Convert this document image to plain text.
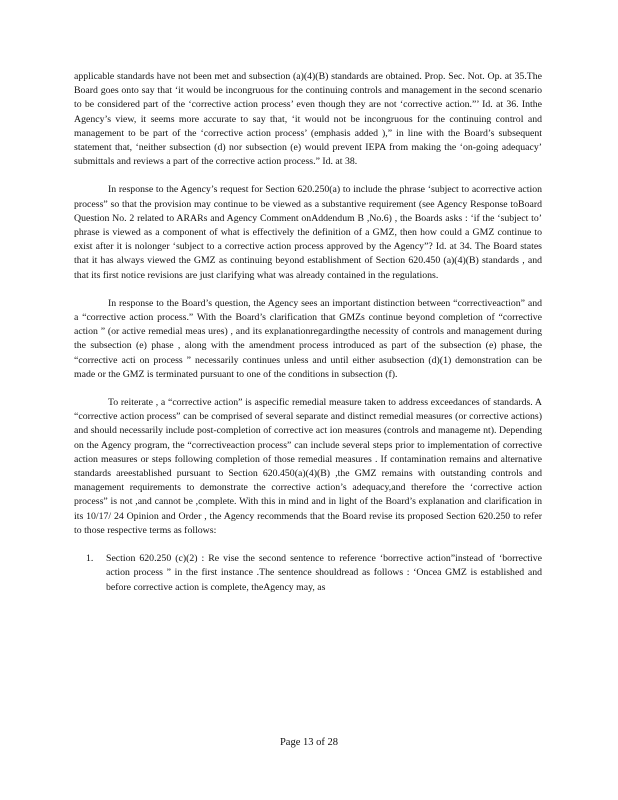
applicable standards have not been met and subsection (a)(4)(B) standards are obtained. Prop. Sec. Not. Op. at 35.The Board goes onto say that ‘it would be incongruous for the continuing controls and management in the second scenario to be considered part of the ‘corrective action process’ even though they are not ‘corrective action.”’ Id. at 36. Inthe Agency’s view, it seems more accurate to say that, ‘it would not be incongruous for the continuing control and management to be part of the ‘corrective action process’ (emphasis added ),” in line with the Board’s subsequent statement that, ‘neither subsection (d) nor subsection (e) would prevent IEPA from making the ‘on-going adequacy’ submittals and reviews a part of the corrective action process.” Id. at 38.

In response to the Agency’s request for Section 620.250(a) to include the phrase ‘subject to acorrective action process” so that the provision may continue to be viewed as a substantive requirement (see Agency Response toBoard Question No. 2 related to ARARs and Agency Comment onAddendum B ,No.6) , the Boards asks : ‘if the ‘subject to’ phrase is viewed as a component of what is effectively the definition of a GMZ, then how could a GMZ continue to exist after it is nolonger ‘subject to a corrective action process approved by the Agency”? Id. at 34. The Board states that it has always viewed the GMZ as continuing beyond establishment of Section 620.450 (a)(4)(B) standards , and that its first notice revisions are just clarifying what was already contained in the regulations.

In response to the Board’s question, the Agency sees an important distinction between “correctiveaction” and a “corrective action process.” With the Board’s clarification that GMZs continue beyond completion of “corrective action ” (or active remedial meas ures) , and its explanationregardingthe necessity of controls and management during the subsection (e) phase , along with the amendment process introduced as part of the subsection (e) phase, the “corrective acti on process ” necessarily continues unless and until either asubsection (d)(1) demonstration can be made or the GMZ is terminated pursuant to one of the conditions in subsection (f).

To reiterate , a “corrective action” is aspecific remedial measure taken to address exceedances of standards. A “corrective action process” can be comprised of several separate and distinct remedial measures (or corrective actions) and should necessarily include post-completion of corrective act ion measures (controls and manageme nt). Depending on the Agency program, the “correctiveaction process” can include several steps prior to implementation of corrective action measures or steps following completion of those remedial measures . If contamination remains and alternative standards areestablished pursuant to Section 620.450(a)(4)(B) ,the GMZ remains with outstanding controls and management requirements to demonstrate the corrective action’s adequacy,and therefore the ‘corrective action process” is not ,and cannot be ,complete. With this in mind and in light of the Board’s explanation and clarification in its 10/17/ 24 Opinion and Order , the Agency recommends that the Board revise its proposed Section 620.250 to refer to those respective terms as follows:

1. Section 620.250 (c)(2) : Re vise the second sentence to reference ‘borrective action”instead of ‘borrective action process ” in the first instance .The sentence shouldread as follows : ‘Oncea GMZ is established and before corrective action is complete, theAgency may, as
Page 13 of 28
